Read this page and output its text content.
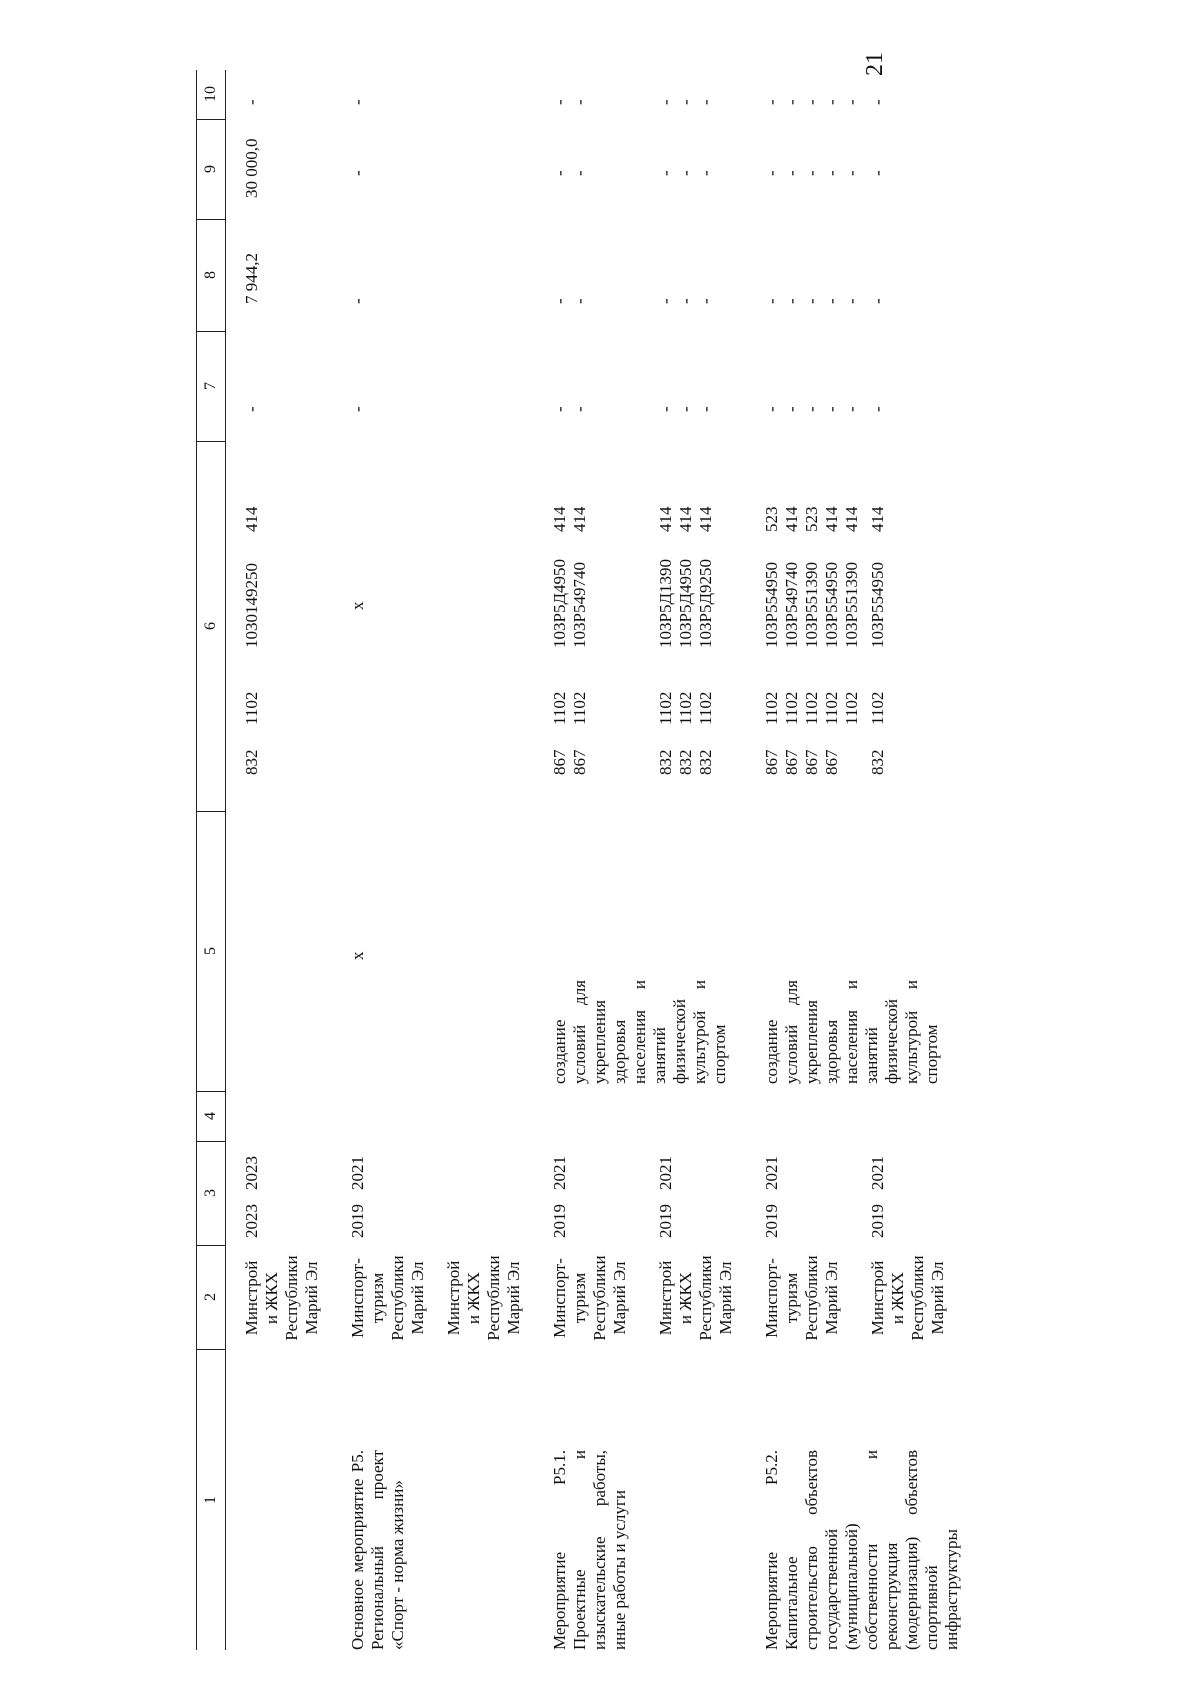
21
1
2
3
4
5
6
7
8
9
10
Минстрой и ЖКХ Республики Марий Эл
2023
2023
832
1102
1030149250
414
-
7 944,2
30 000,0
-
Основное мероприятие P5. Региональный проект «Спорт - норма жизни»
Минспорт- туризм Республики Марий Эл Минстрой и ЖКХ Республики Марий Эл
2019
2021
х
х
-
-
-
-
Мероприятие P5.1. Проектные и изыскательские работы, иные работы и услуги
Минспорт- туризм Республики Марий Эл
2019
2021
создание условий для укрепления здоровья населения и занятий физической культурой и спортом
867 867
1102 1102
103P5Д4950 103P549740
414 414
- -
- -
- -
- -
Минстрой и ЖКХ Республики Марий Эл
2019
2021
832 832 832
1102 1102 1102
103P5Д1390 103P5Д4950 103P5Д9250
414 414 414
- - -
- - -
- - -
- - -
Мероприятие P5.2. Капитальное строительство объектов государственной (муниципальной) собственности и реконструкция (модернизация) объектов спортивной инфраструктуры
Минспорт- туризм Республики Марий Эл
2019
2021
создание условий для укрепления здоровья населения и занятий физической культурой и спортом
867 867 867 867
1102 1102 1102 1102 1102
103P554950 103P549740 103P551390 103P554950 103P551390
523 414 523 414 414
- - - - -
- - - - -
- - - - -
- - - - -
Минстрой и ЖКХ Республики Марий Эл
2019
2021
832
1102
103P554950
414
-
-
-
-
